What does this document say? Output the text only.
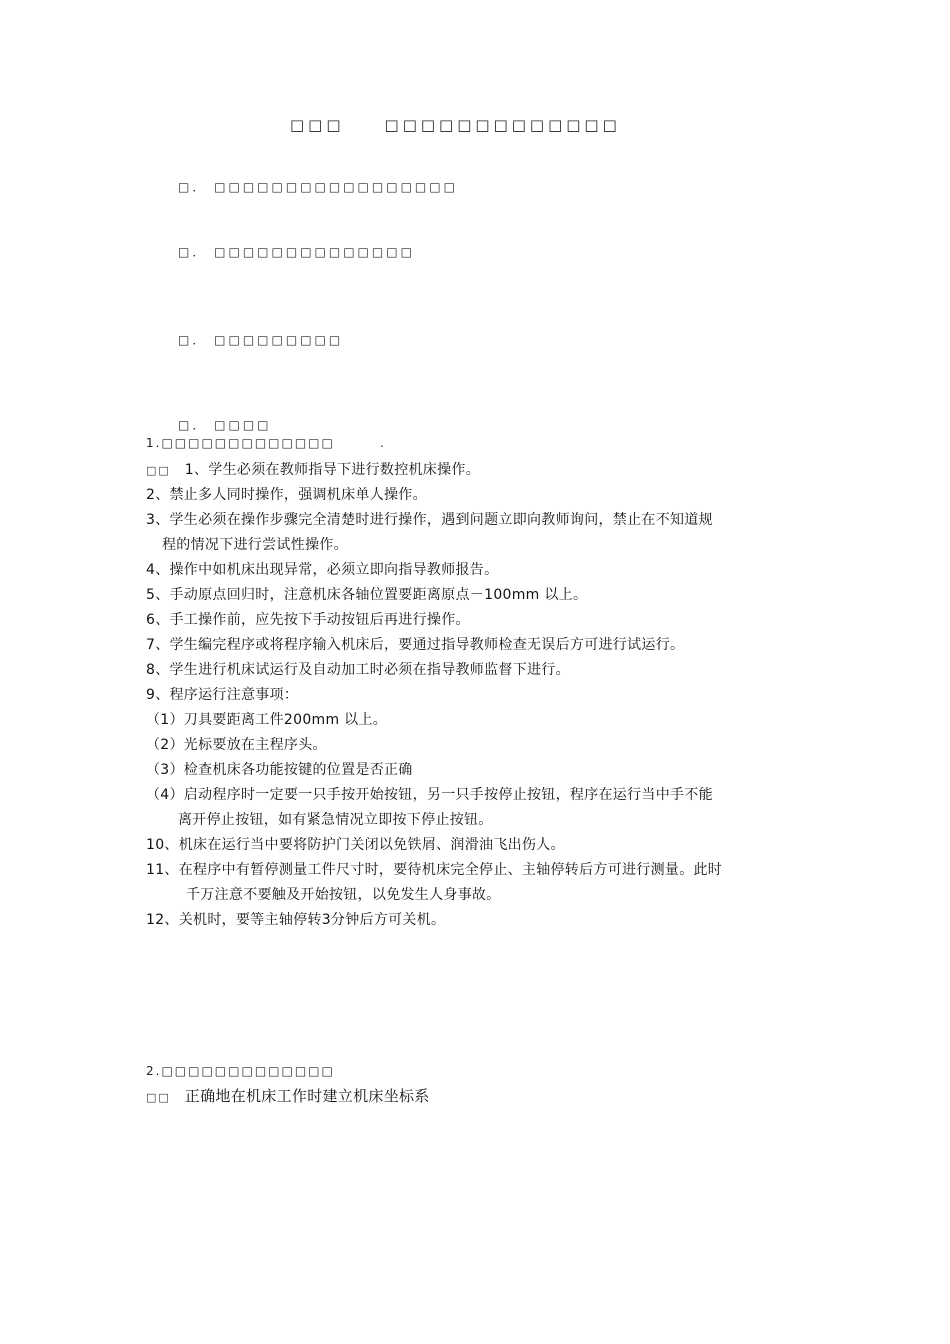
□□□	□□□□□□□□□□□□□
□． □□□□□□□□□□□□□□□□□
□． □□□□□□□□□□□□□□
□． □□□□□□□□□
□． □□□□
1.□□□□□□□□□□□□□	.
□□ 1、学生必须在教师指导下进行数控机床操作。
2、禁止多人同时操作，强调机床单人操作。
3、学生必须在操作步骤完全清楚时进行操作，遇到问题立即向教师询问，禁止在不知道规
程的情况下进行尝试性操作。
4、操作中如机床出现异常，必须立即向指导教师报告。
5、手动原点回归时，注意机床各轴位置要距离原点－100mm 以上。
6、手工操作前，应先按下手动按钮后再进行操作。
7、学生编完程序或将程序输入机床后，要通过指导教师检查无误后方可进行试运行。
8、学生进行机床试运行及自动加工时必须在指导教师监督下进行。
9、程序运行注意事项：
（1）刀具要距离工件200mm 以上。
（2）光标要放在主程序头。
（3）检查机床各功能按键的位置是否正确
（4）启动程序时一定要一只手按开始按钮，另一只手按停止按钮，程序在运行当中手不能
离开停止按钮，如有紧急情况立即按下停止按钮。
10、机床在运行当中要将防护门关闭以免铁屑、润滑油飞出伤人。
11、在程序中有暂停测量工件尺寸时，要待机床完全停止、主轴停转后方可进行测量。此时
千万注意不要触及开始按钮，以免发生人身事故。
12、关机时，要等主轴停转3分钟后方可关机。
2.□□□□□□□□□□□□□
□□ 正确地在机床工作时建立机床坐标系
